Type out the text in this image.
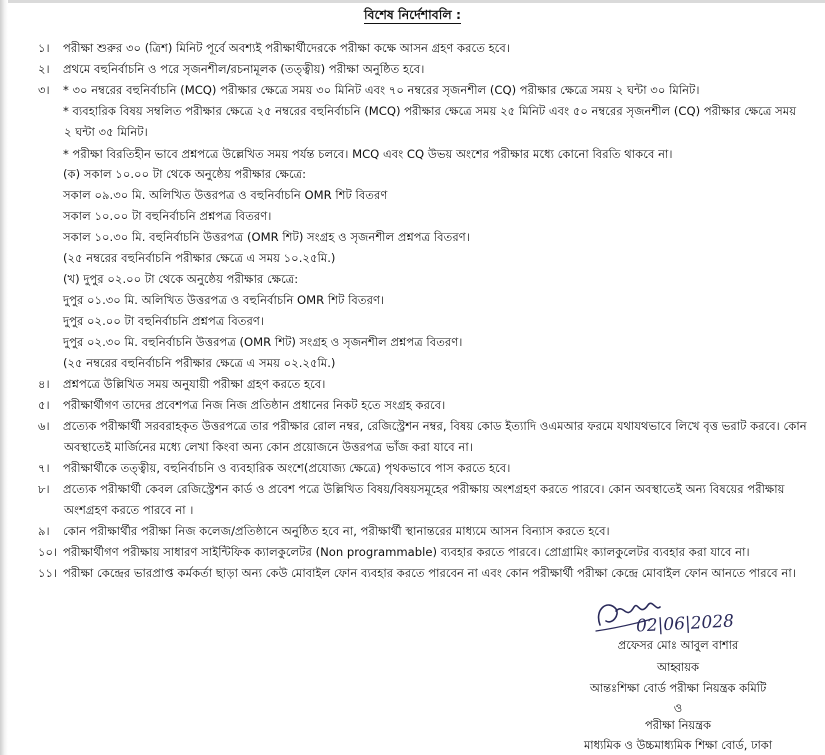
বিশেষ নির্দেশাবলি :
১। পরীক্ষা শুরুর ৩০ (ত্রিশ) মিনিট পূর্বে অবশ্যই পরীক্ষার্থীদেরকে পরীক্ষা কক্ষে আসন গ্রহণ করতে হবে।
২। প্রথমে বহুনির্বাচনি ও পরে সৃজনশীল/রচনামূলক (তত্ত্বীয়) পরীক্ষা অনুষ্ঠিত হবে।
৩। * ৩০ নম্বরের বহুনির্বাচনি (MCQ) পরীক্ষার ক্ষেত্রে সময় ৩০ মিনিট এবং ৭০ নম্বরের সৃজনশীল (CQ) পরীক্ষার ক্ষেত্রে সময় ২ ঘন্টা ৩০ মিনিট।
* ব্যবহারিক বিষয় সম্বলিত পরীক্ষার ক্ষেত্রে ২৫ নম্বরের বহুনির্বাচনি (MCQ) পরীক্ষার ক্ষেত্রে সময় ২৫ মিনিট এবং ৫০ নম্বরের সৃজনশীল (CQ) পরীক্ষার ক্ষেত্রে সময়
২ ঘন্টা ৩৫ মিনিট।
* পরীক্ষা বিরতিহীন ভাবে প্রশ্নপত্রে উল্লেখিত সময় পর্যন্ত চলবে। MCQ এবং CQ উভয় অংশের পরীক্ষার মধ্যে কোনো বিরতি থাকবে না।
(ক) সকাল ১০.০০ টা থেকে অনুষ্ঠেয় পরীক্ষার ক্ষেত্রে:
সকাল ০৯.৩০ মি. অলিখিত উত্তরপত্র ও বহুনির্বাচনি OMR শিট বিতরণ
সকাল ১০.০০ টা বহুনির্বাচনি প্রশ্নপত্র বিতরণ।
সকাল ১০.৩০ মি. বহুনির্বাচনি উত্তরপত্র (OMR শিট) সংগ্রহ ও সৃজনশীল প্রশ্নপত্র বিতরণ।
(২৫ নম্বরের বহুনির্বাচনি পরীক্ষার ক্ষেত্রে এ সময় ১০.২৫মি.)
(খ) দুপুর ০২.০০ টা থেকে অনুষ্ঠেয় পরীক্ষার ক্ষেত্রে:
দুপুর ০১.৩০ মি. অলিখিত উত্তরপত্র ও বহুনির্বাচনি OMR শিট বিতরণ।
দুপুর ০২.০০ টা বহুনির্বাচনি প্রশ্নপত্র বিতরণ।
দুপুর ০২.৩০ মি. বহুনির্বাচনি উত্তরপত্র (OMR শিট) সংগ্রহ ও সৃজনশীল প্রশ্নপত্র বিতরণ।
(২৫ নম্বরের বহুনির্বাচনি পরীক্ষার ক্ষেত্রে এ সময় ০২.২৫মি.)
৪। প্রশ্নপত্রে উল্লিখিত সময় অনুযায়ী পরীক্ষা গ্রহণ করতে হবে।
৫। পরীক্ষার্থীগণ তাদের প্রবেশপত্র নিজ নিজ প্রতিষ্ঠান প্রধানের নিকট হতে সংগ্রহ করবে।
৬। প্রত্যেক পরীক্ষার্থী সরবরাহকৃত উত্তরপত্রে তার পরীক্ষার রোল নম্বর, রেজিস্ট্রেশন নম্বর, বিষয় কোড ইত্যাদি ওএমআর ফরমে যথাযথভাবে লিখে বৃত্ত ভরাট করবে। কোন
অবস্থাতেই মার্জিনের মধ্যে লেখা কিংবা অন্য কোন প্রয়োজনে উত্তরপত্র ভাঁজ করা যাবে না।
৭। পরীক্ষার্থীকে তত্ত্বীয়, বহুনির্বাচনি ও ব্যবহারিক অংশে(প্রযোজ্য ক্ষেত্রে) পৃথকভাবে পাস করতে হবে।
৮। প্রত্যেক পরীক্ষার্থী কেবল রেজিস্ট্রেশন কার্ড ও প্রবেশ পত্রে উল্লিখিত বিষয়/বিষয়সমূহের পরীক্ষায় অংশগ্রহণ করতে পারবে। কোন অবস্থাতেই অন্য বিষয়ের পরীক্ষায়
অংশগ্রহণ করতে পারবে না ।
৯। কোন পরীক্ষার্থীর পরীক্ষা নিজ কলেজ/প্রতিষ্ঠানে অনুষ্ঠিত হবে না, পরীক্ষার্থী স্থানান্তরের মাধ্যমে আসন বিন্যাস করতে হবে।
১০। পরীক্ষার্থীগণ পরীক্ষায় সাধারণ সাইন্টিফিক ক্যালকুলেটর (Non programmable) ব্যবহার করতে পারবে। প্রোগ্রামিং ক্যালকুলেটর ব্যবহার করা যাবে না।
১১। পরীক্ষা কেন্দ্রের ভারপ্রাপ্ত কর্মকর্তা ছাড়া অন্য কেউ মোবাইল ফোন ব্যবহার করতে পারবেন না এবং কোন পরীক্ষার্থী পরীক্ষা কেন্দ্রে মোবাইল ফোন আনতে পারবে না।
02|06|2028
প্রফেসর মোঃ আবুল বাশার
আহ্বায়ক
আন্তঃশিক্ষা বোর্ড পরীক্ষা নিয়ন্ত্রক কমিটি
ও
পরীক্ষা নিয়ন্ত্রক
মাধ্যমিক ও উচ্চমাধ্যমিক শিক্ষা বোর্ড, ঢাকা
